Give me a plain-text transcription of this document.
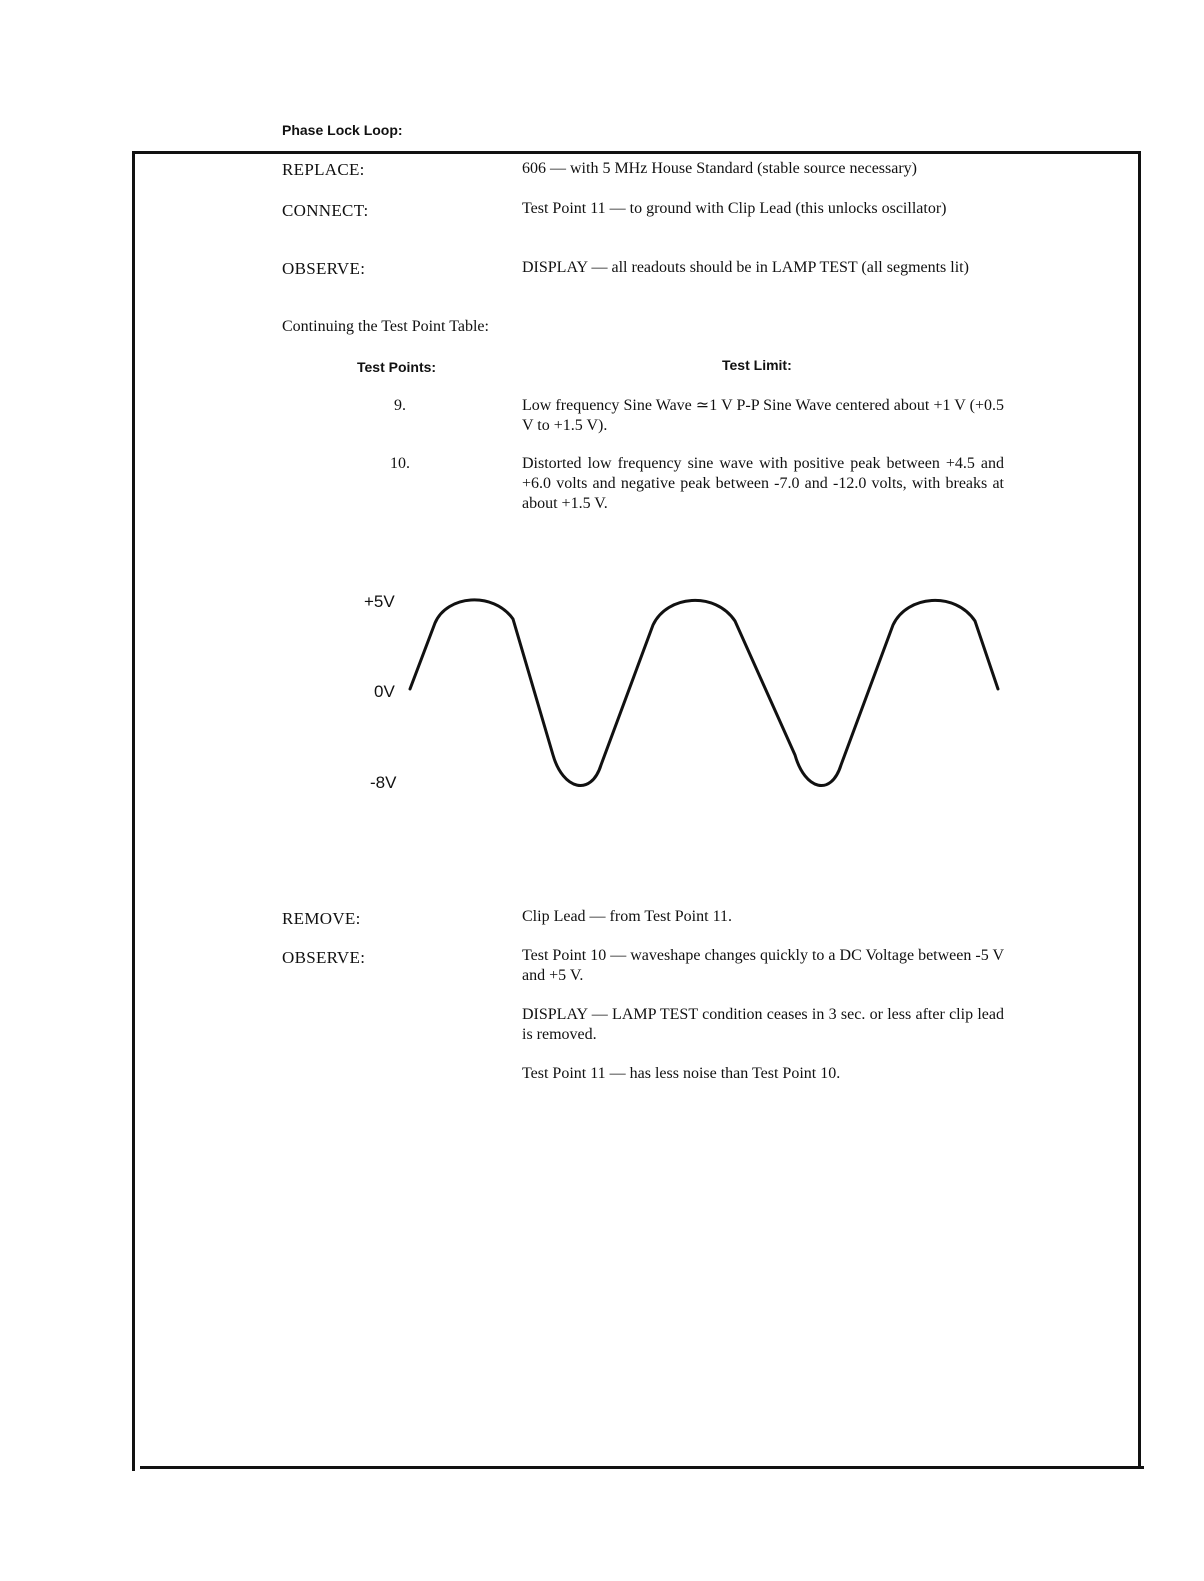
Phase Lock Loop:
REPLACE:	606 — with 5 MHz House Standard (stable source necessary)
CONNECT:	Test Point 11 — to ground with Clip Lead (this unlocks oscillator)
OBSERVE:	DISPLAY — all readouts should be in LAMP TEST (all segments lit)
Continuing the Test Point Table:
Test Points:	Test Limit:
9.	Low frequency Sine Wave ≃1 V P-P Sine Wave centered about +1 V (+0.5 V to +1.5 V).
10.	Distorted low frequency sine wave with positive peak between +4.5 and +6.0 volts and negative peak between -7.0 and -12.0 volts, with breaks at about +1.5 V.
+5V
0V
-8V
REMOVE:	Clip Lead — from Test Point 11.
OBSERVE:	Test Point 10 — waveshape changes quickly to a DC Voltage between -5 V and +5 V.
DISPLAY — LAMP TEST condition ceases in 3 sec. or less after clip lead is removed.
Test Point 11 — has less noise than Test Point 10.
